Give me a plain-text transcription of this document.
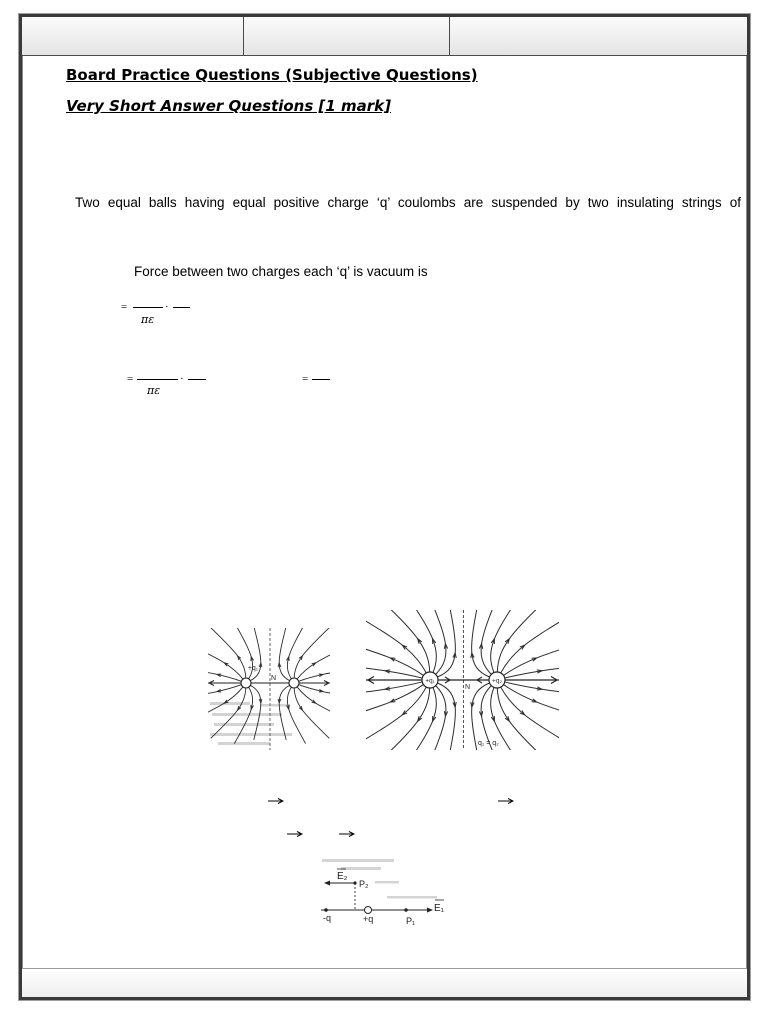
Board Practice Questions (Subjective Questions)
Very Short Answer Questions [1 mark]
Two equal balls having equal positive charge ‘q’ coulombs are suspended by two insulating strings of
Force between two charges each ‘q’ is vacuum is
=	·
πε
=	·
πε
=
+q₁
N	+q₁	+q₂
N
q₁ = q₂
E₂
P₂
E₁
-q	+q	P₁
